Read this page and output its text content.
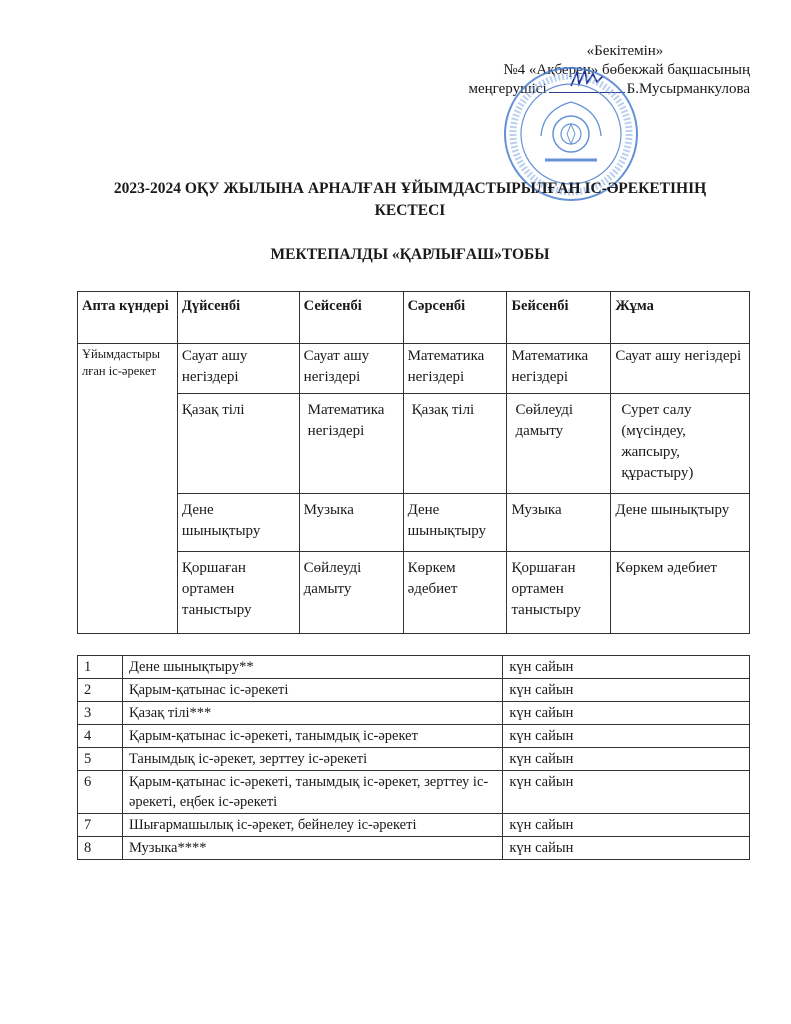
«Бекітемін»
№4 «Ақберен» бөбекжай бақшасының
меңгерушісі	Б.Мусырманкулова
2023-2024 ОҚУ ЖЫЛЫНА АРНАЛҒАН ҰЙЫМДАСТЫРЫЛҒАН ІС-ӘРЕКЕТІНІҢ
КЕСТЕСІ
МЕКТЕПАЛДЫ «ҚАРЛЫҒАШ»ТОБЫ
Апта күндері	Дүйсенбі	Сейсенбі	Сәрсенбі	Бейсенбі	Жұма
Ұйымдастыры лған іс-әрекет	Сауат ашу негіздері	Сауат ашу негіздері	Математика негіздері	Математика негіздері	Сауат ашу негіздері
	Қазақ тілі	Математика негіздері	Қазақ тілі	Сөйлеуді дамыту	Сурет салу (мүсіндеу, жапсыру, құрастыру)
	Дене шынықтыру	Музыка	Дене шынықтыру	Музыка	Дене шынықтыру
	Қоршаған ортамен таныстыру	Сөйлеуді дамыту	Көркем әдебиет	Қоршаған ортамен таныстыру	Көркем әдебиет
1	Дене шынықтыру**	күн сайын
2	Қарым-қатынас іс-әрекеті	күн сайын
3	Қазақ тілі***	күн сайын
4	Қарым-қатынас іс-әрекеті, танымдық іс-әрекет	күн сайын
5	Танымдық іс-әрекет, зерттеу іс-әрекеті	күн сайын
6	Қарым-қатынас іс-әрекеті, танымдық іс-әрекет, зерттеу іс-әрекеті, еңбек іс-әрекеті	күн сайын
7	Шығармашылық іс-әрекет, бейнелеу іс-әрекеті	күн сайын
8	Музыка****	күн сайын
